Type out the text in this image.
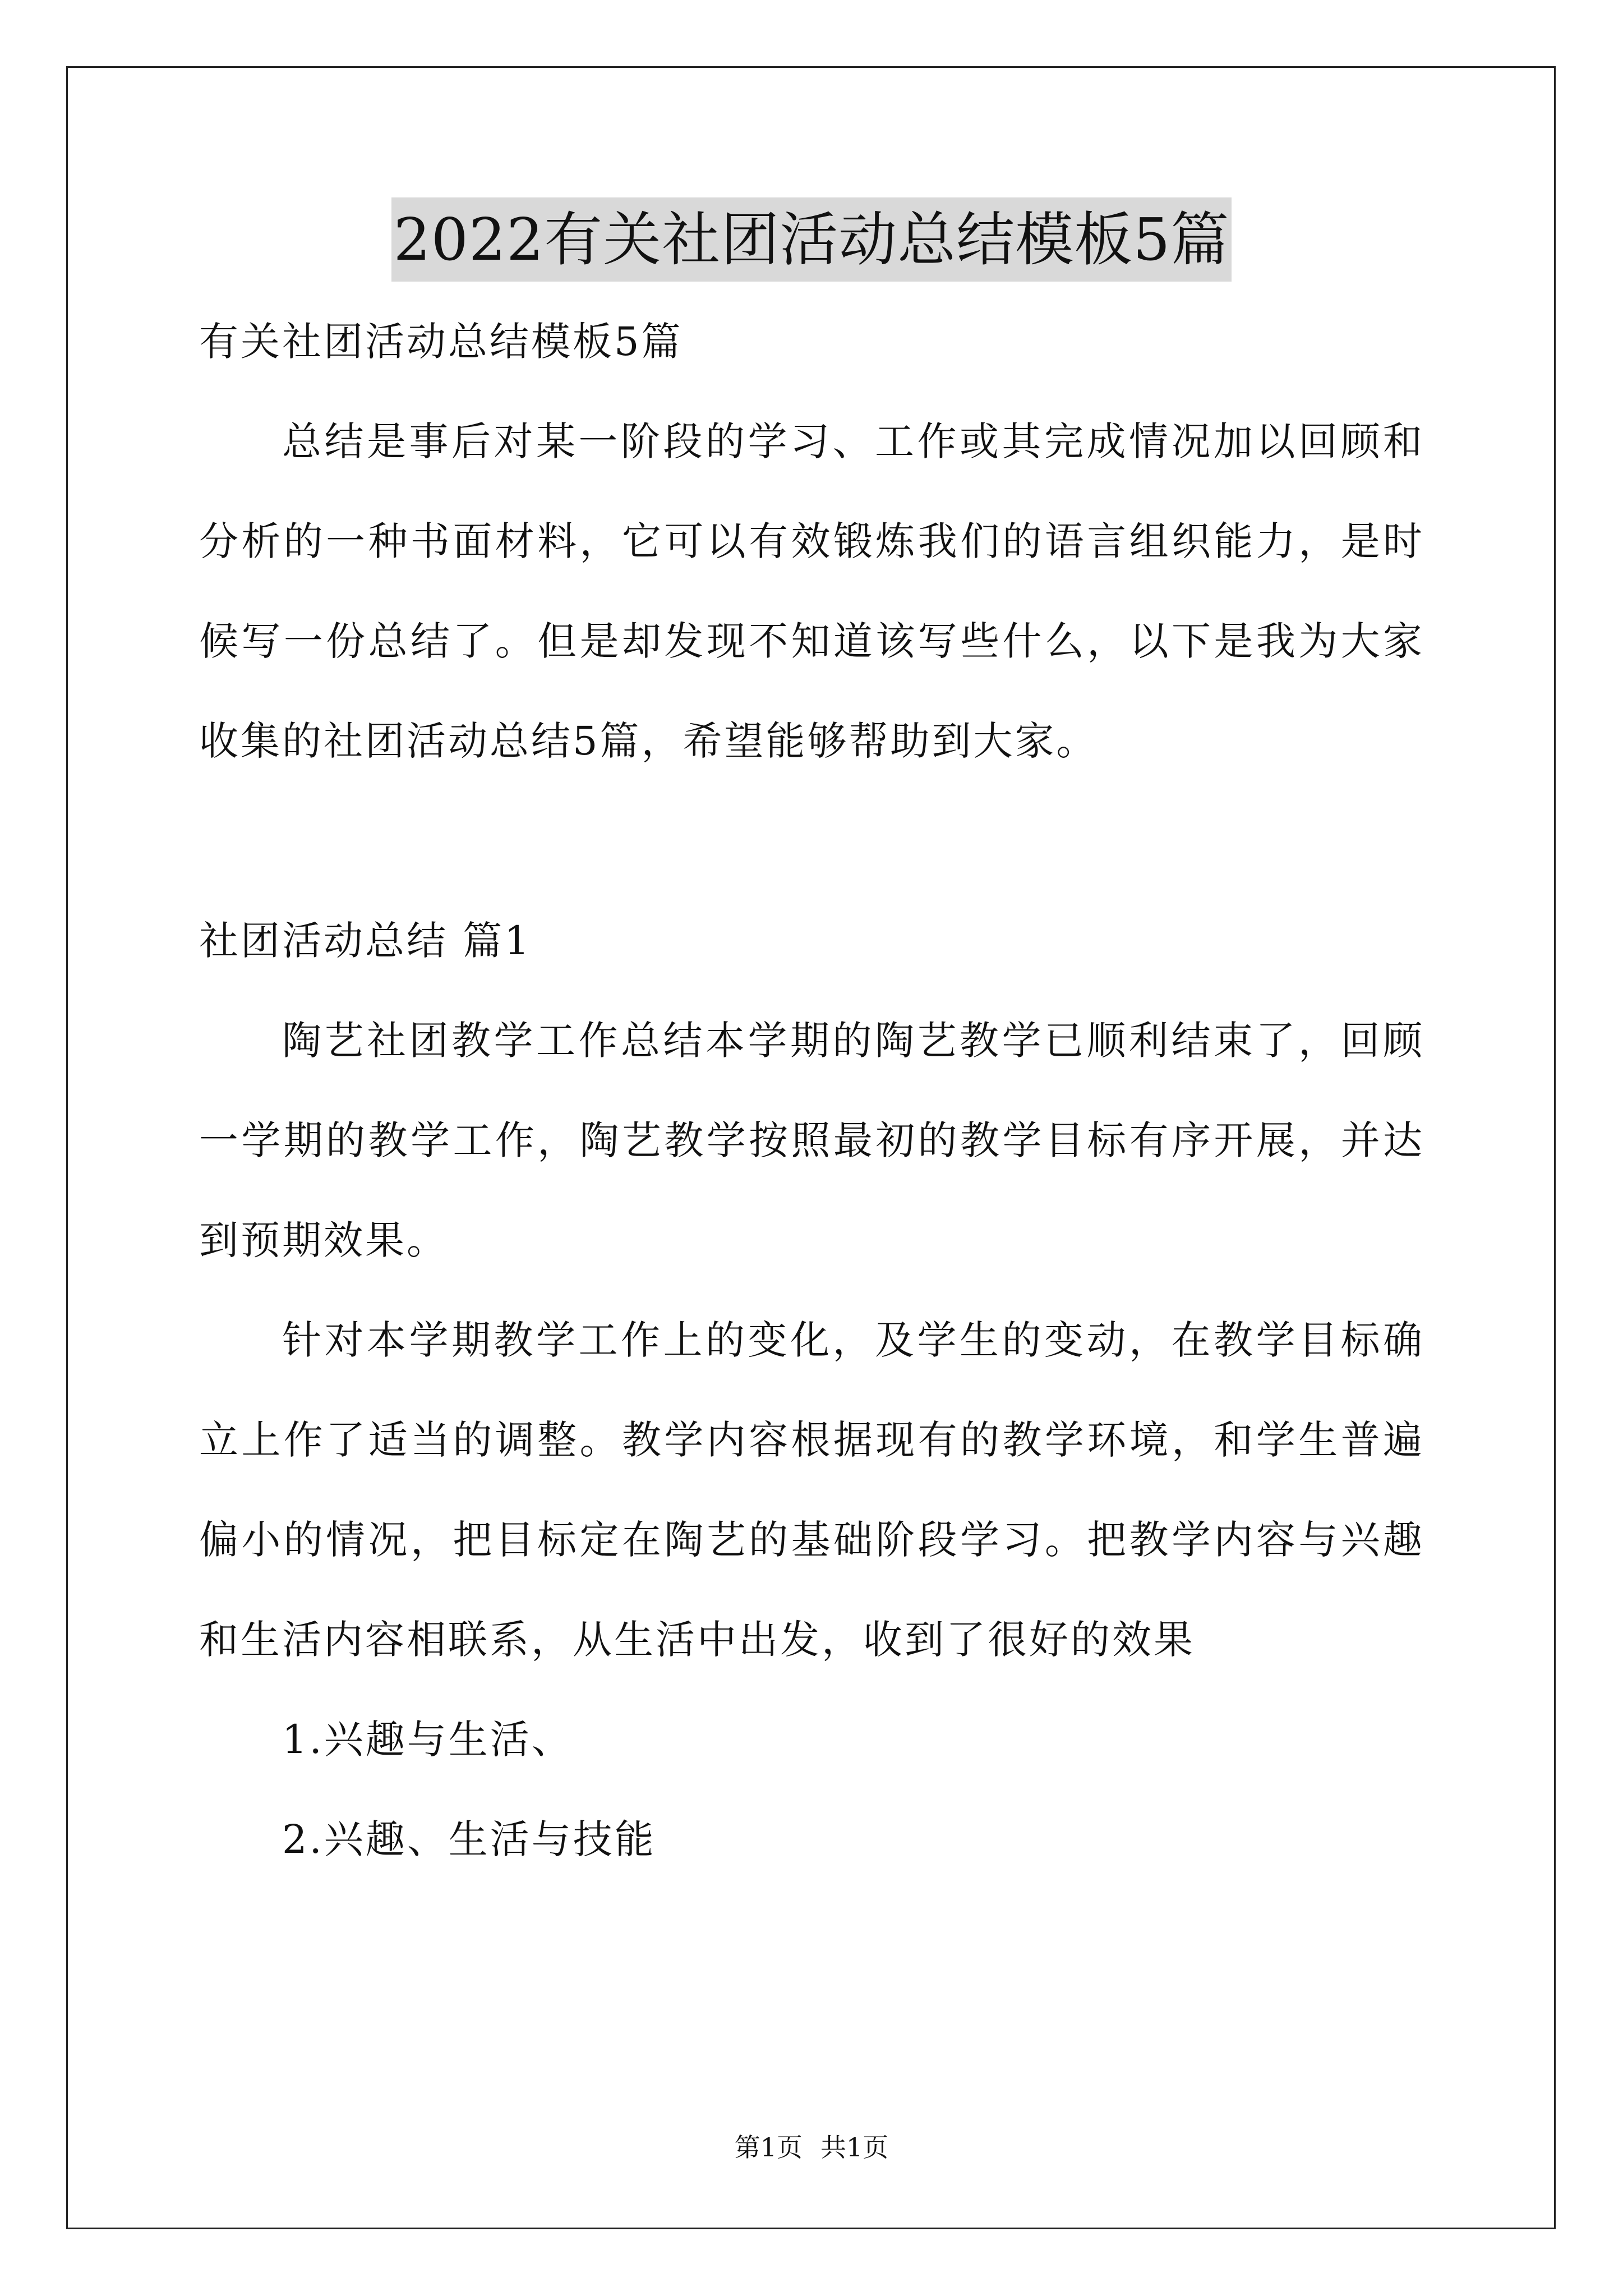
2022有关社团活动总结模板5篇

有关社团活动总结模板5篇

总结是事后对某一阶段的学习、工作或其完成情况加以回顾和分析的一种书面材料，它可以有效锻炼我们的语言组织能力，是时候写一份总结了。但是却发现不知道该写些什么，以下是我为大家收集的社团活动总结5篇，希望能够帮助到大家。

社团活动总结 篇1

陶艺社团教学工作总结本学期的陶艺教学已顺利结束了，回顾一学期的教学工作，陶艺教学按照最初的教学目标有序开展，并达到预期效果。

针对本学期教学工作上的变化，及学生的变动，在教学目标确立上作了适当的调整。教学内容根据现有的教学环境，和学生普遍偏小的情况，把目标定在陶艺的基础阶段学习。把教学内容与兴趣和生活内容相联系，从生活中出发，收到了很好的效果

1.兴趣与生活、

2.兴趣、生活与技能

第1页 共1页
